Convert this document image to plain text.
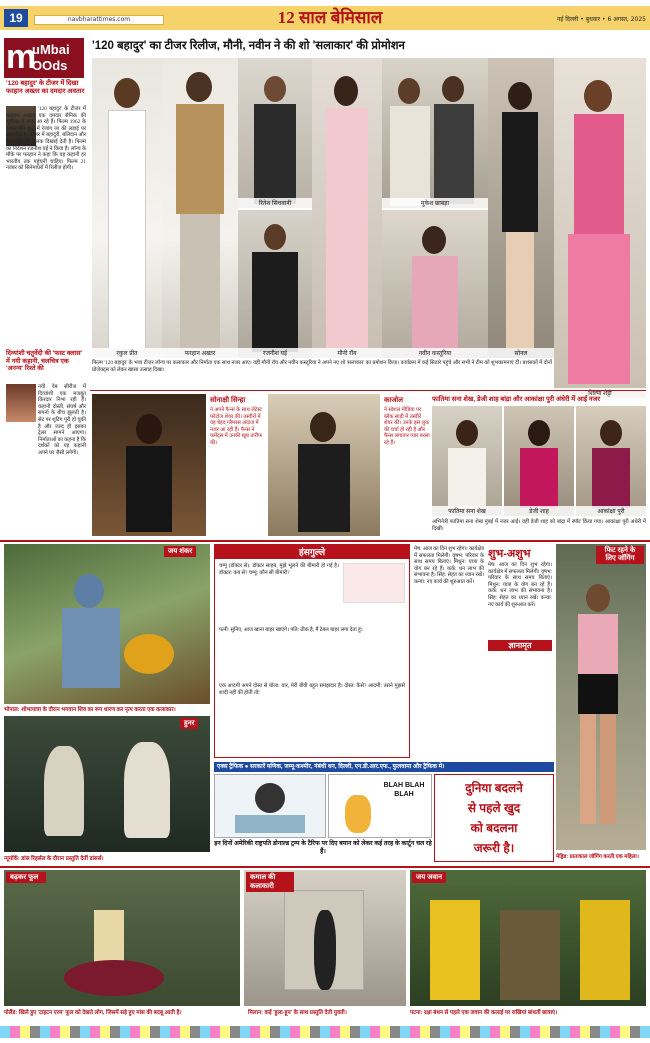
19	navbharattimes.com	12 साल बेमिसाल	नई दिल्ली • बुधवार • 6 अगस्त, 2025
m
uMbai
OOds
'120 बहादुर' के टीजर में दिखा फरहान अख्तर का दमदार अवतार
'120 बहादुर' के टीजर में फरहान अख्तर एक दमदार सैनिक की भूमिका में नजर आ रहे हैं। फिल्म 1962 के भारत-चीन युद्ध में रेजांग ला की लड़ाई पर आधारित है। टीजर में बहादुरी, बलिदान और देशभक्ति की झलक दिखाई देती है। फिल्म का निर्देशन रजनीश घई ने किया है। लॉन्च के मौके पर फरहान ने कहा कि यह कहानी हर भारतीय तक पहुंचनी चाहिए। फिल्म 21 नवंबर को सिनेमाघरों में रिलीज होगी।
दिव्यांशी चतुर्वेदी की 'फस्ट क्लास' में नयी कहानी, चलचित्र एक 'अनन्य' रिश्ते की
नयी वेब सीरीज में दिव्यांशी एक मजबूत किरदार निभा रही हैं। कहानी दोस्ती, संघर्ष और सपनों के बीच झूलती है। सेट पर शूटिंग पूरी हो चुकी है और जल्द ही इसका ट्रेलर सामने आएगा। निर्माताओं का कहना है कि दर्शकों को यह कहानी अपने घर जैसी लगेगी।
'120 बहादुर' का टीजर रिलीज, मौनी, नवीन ने की शो 'सलाकार' की प्रोमोशन
रकुल प्रीत	फरहान अख्तर
रितेश सिधवानी
रजनीश घई	मौनी रॉय
मुकेश छाबड़ा
नवीन कस्तूरिया	सोनल
शिल्पा शेट्टी
फिल्म '120 बहादुर' के भव्य टीजर लॉन्च पर कलाकार और निर्माता एक साथ नजर आए। वहीं मौनी रॉय और नवीन कस्तूरिया ने अपने नए शो 'सलाकार' का प्रमोशन किया। कार्यक्रम में कई सितारे पहुंचे और सभी ने टीम को शुभकामनाएं दीं। प्रशंसकों में दोनों प्रोजेक्ट्स को लेकर खासा उत्साह दिखा।
सोनाक्षी सिन्हा
ने अपने फैन्स के साथ लेटेस्ट फोटोज शेयर कीं। तस्वीरों में वह बेहद ग्लैमरस अंदाज में नजर आ रही हैं। फैन्स ने कमेंट्स में उनकी खूब तारीफ की।
काजोल
ने सोशल मीडिया पर ब्लैक साड़ी में तस्वीरें शेयर कीं। उनके इस लुक की चर्चा हो रही है और फैन्स लगातार प्यार बरसा रहे हैं।
फातिमा सना शेख, डेजी शाह बांद्रा और आकांक्षा पुरी अंधेरी में आईं नजर
फातिमा सना शेख	डेजी शाह	आकांक्षा पुरी
अभिनेत्री फातिमा सना शेख मुंबई में नजर आईं। वहीं डेजी शाह को बांद्रा में स्पॉट किया गया। आकांक्षा पुरी अंधेरी में दिखीं।
जय शंकर
भोपाल: शोभायात्रा के दौरान भगवान शिव का रूप धारण कर नृत्य करता एक कलाकार।
हुनर
न्यूयॉर्क: डांस रिहर्सल के दौरान प्रस्तुति देतीं डांसर्स।
हंसगुल्ले
चम्पू (डॉक्टर से): डॉक्टर साहब, मुझे भूलने की बीमारी हो गई है। डॉक्टर: कब से? चम्पू: कौन सी बीमारी?
पत्नी: सुनिए, आज खाना बाहर खाएंगे। पति: ठीक है, मैं टेबल बाहर लगा देता हूं।
एक आदमी अपने दोस्त से बोला: यार, मेरी बीवी बहुत समझदार है। दोस्त: कैसे? आदमी: उसने मुझसे शादी नहीं की होती तो!
मेष: आज का दिन शुभ रहेगा। कार्यक्षेत्र में सफलता मिलेगी। वृषभ: परिवार के साथ समय बिताएं। मिथुन: यात्रा के योग बन रहे हैं। कर्क: धन लाभ की संभावना है। सिंह: सेहत का ध्यान रखें। कन्या: नए कार्य की शुरुआत करें।
शुभ-अशुभ
ज्ञानामृत
मेष: आज का दिन शुभ रहेगा। कार्यक्षेत्र में सफलता मिलेगी। वृषभ: परिवार के साथ समय बिताएं। मिथुन: यात्रा के योग बन रहे हैं। कर्क: धन लाभ की संभावना है। सिंह: सेहत का ध्यान रखें। कन्या: नए कार्य की शुरुआत करें।
फिट रहने के लिए जॉगिंग
मेड्रिड: प्रातःकाल जॉगिंग करती एक महिला।
एक्स ट्रैफिक ● सरकारें मणिक, जम्मू-कश्मीर, नंबंधी धन, दिल्ली, एन.डी.आर.एफ., फुलवामा और ट्रैफिक मे।
BLAH BLAH BLAH	दुनिया बदलने
से पहले खुद
को बदलना
जरूरी है।
इन दिनों अमेरिकी राष्ट्रपति डोनाल्ड ट्रम्प के टैरिफ पर दिए बयान को लेकर कई तरह के कार्टून चल रहे हैं।
बढ़कर फूल
पोलैंड: खिले हुए 'टाइटन एरम' फूल को देखते लोग, जिसमें सड़े हुए मांस की बदबू आती है।
कमाल की कलाकारी
मिलान: कई 'हुला-हूप' के साथ प्रस्तुति देती युवती।
जय जवान
पटना: रक्षा बंधन से पहले एक जवान की कलाई पर राखियां बांधतीं छात्राएं।
